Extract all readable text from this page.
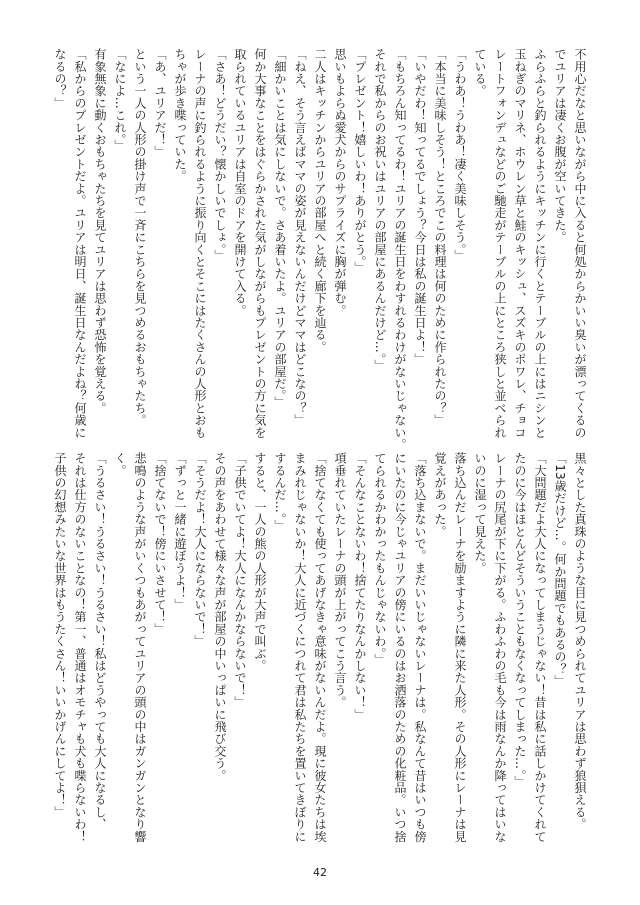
不用心だなと思いながら中に入ると何処からかいい臭いが漂ってくるの
でユリアは凄くお腹が空いてきた。
ふらふらと釣られるようにキッチンに行くとテーブルの上にはニシンと
玉ねぎのマリネ、ホウレン草と鮭のキッシュ、スズキのポワレ、チョコ
レートフォンデュなどのご馳走がテーブルの上にところ狭しと並べられ
ている。
「うわあ！うわあ！凄く美味しそう。」
「本当に美味しそう！ところでこの料理は何のために作られたの？」
「いやだわ！知ってるでしょう？今日は私の誕生日よ！」
「もちろん知ってるわ！ユリアの誕生日をわすれるわけがないじゃない。
それで私からのお祝いはユリアの部屋にあるんだけど…。」
「プレゼント！嬉しいわ！ありがとう。」
思いもよらぬ愛犬からのサプライズに胸が弾む。
二人はキッチンからユリアの部屋へと続く廊下を辿る。
「ねえ、そう言えばママの姿が見えないんだけどママはどこなの？」
「細かいことは気にしないで。さあ着いたよ。ユリアの部屋だ。」
何か大事なことをはぐらかされた気がしながらもプレゼントの方に気を
取られているユリアは自室のドアを開けて入る。
「さあ！どうだい？懐かしいでしょ。」
レーナの声に釣られるように振り向くとそこにはたくさんの人形とおも
ちゃが歩き喋っていた。
「あ、ユリアだ！」
という一人の人形の掛け声で一斉にこちらを見つめるおもちゃたち。
「なによ…これ。」
有象無象に動くおもちゃたちを見てユリアは思わず恐怖を覚える。
「私からのプレゼントだよ。ユリアは明日、誕生日なんだよね？何歳に
なるの？」
黒々とした真珠のような目に見つめられてユリアは思わず狼狽える。
「13歳だけど…。何か問題でもあるの？」
「大問題だよ大人になってしまうじゃない！昔は私に話しかけてくれて
たのに今はほとんどそういうこともなくなってしまった…。」
レーナの尻尾が下に下がる。ふわふわの毛も今は雨なんか降ってはいな
いのに湿って見えた。
落ち込んだレーナを励ますように隣に来た人形。その人形にレーナは見
覚えがあった。
「落ち込まないで。まだいいじゃないレーナは。私なんて昔はいつも傍
にいたのに今じゃユリアの傍にいるのはお洒落のための化粧品。いつ捨
てられるかわかったもんじゃないわ。」
「そんなことないわ！捨てたりなんかしない！」
項垂れていたレーナの頭が上がってこう言う。
「捨てなくても使ってあげなきゃ意味がないんだよ。現に彼女たちは埃
まみれじゃないか！大人に近づくにつれて君は私たちを置いてきぼりに
するんだ…。」
すると、一人の熊の人形が大声で叫ぶ。
「子供でいてよ！大人になんかならないで！」
その声をあわせて様々な声が部屋の中いっぱいに飛び交う。
「そうだよ！大人にならないで！」
「ずっと一緒に遊ぼうよ！」
「捨てないで！傍にいさせて！」
悲鳴のような声がいくつもあがってユリアの頭の中はガンガンとなり響
く。
「うるさい！うるさい！うるさい！私はどうやっても大人になるし、
それは仕方のないことなの！第一、普通はオモチャも犬も喋らないわ！
子供の幻想みたいな世界はもうたくさん！いいかげんにしてよ！」
42
